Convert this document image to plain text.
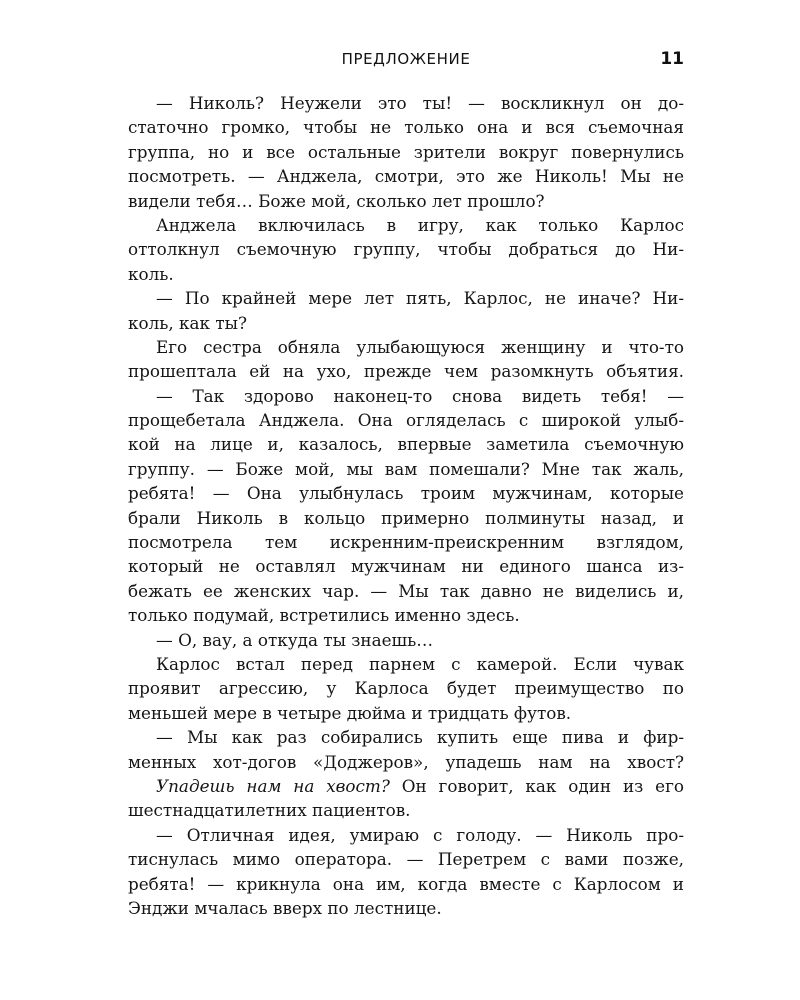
ПРЕДЛОЖЕНИЕ	11
— Николь? Неужели это ты! — воскликнул он до-
статочно громко, чтобы не только она и вся съемочная
группа, но и все остальные зрители вокруг повернулись
посмотреть. — Анджела, смотри, это же Николь! Мы не
видели тебя… Боже мой, сколько лет прошло?
Анджела включилась в игру, как только Карлос
оттолкнул съемочную группу, чтобы добраться до Ни-
коль.
— По крайней мере лет пять, Карлос, не иначе? Ни-
коль, как ты?
Его сестра обняла улыбающуюся женщину и что-то
прошептала ей на ухо, прежде чем разомкнуть объятия.
— Так здорово наконец-то снова видеть тебя! —
прощебетала Анджела. Она огляделась с широкой улыб-
кой на лице и, казалось, впервые заметила съемочную
группу. — Боже мой, мы вам помешали? Мне так жаль,
ребята! — Она улыбнулась троим мужчинам, которые
брали Николь в кольцо примерно полминуты назад, и
посмотрела тем искренним-преискренним взглядом,
который не оставлял мужчинам ни единого шанса из-
бежать ее женских чар. — Мы так давно не виделись и,
только подумай, встретились именно здесь.
— О, вау, а откуда ты знаешь…
Карлос встал перед парнем с камерой. Если чувак
проявит агрессию, у Карлоса будет преимущество по
меньшей мере в четыре дюйма и тридцать футов.
— Мы как раз собирались купить еще пива и фир-
менных хот-догов «Доджеров», упадешь нам на хвост?
Упадешь нам на хвост? Он говорит, как один из его
шестнадцатилетних пациентов.
— Отличная идея, умираю с голоду. — Николь про-
тиснулась мимо оператора. — Перетрем с вами позже,
ребята! — крикнула она им, когда вместе с Карлосом и
Энджи мчалась вверх по лестнице.
